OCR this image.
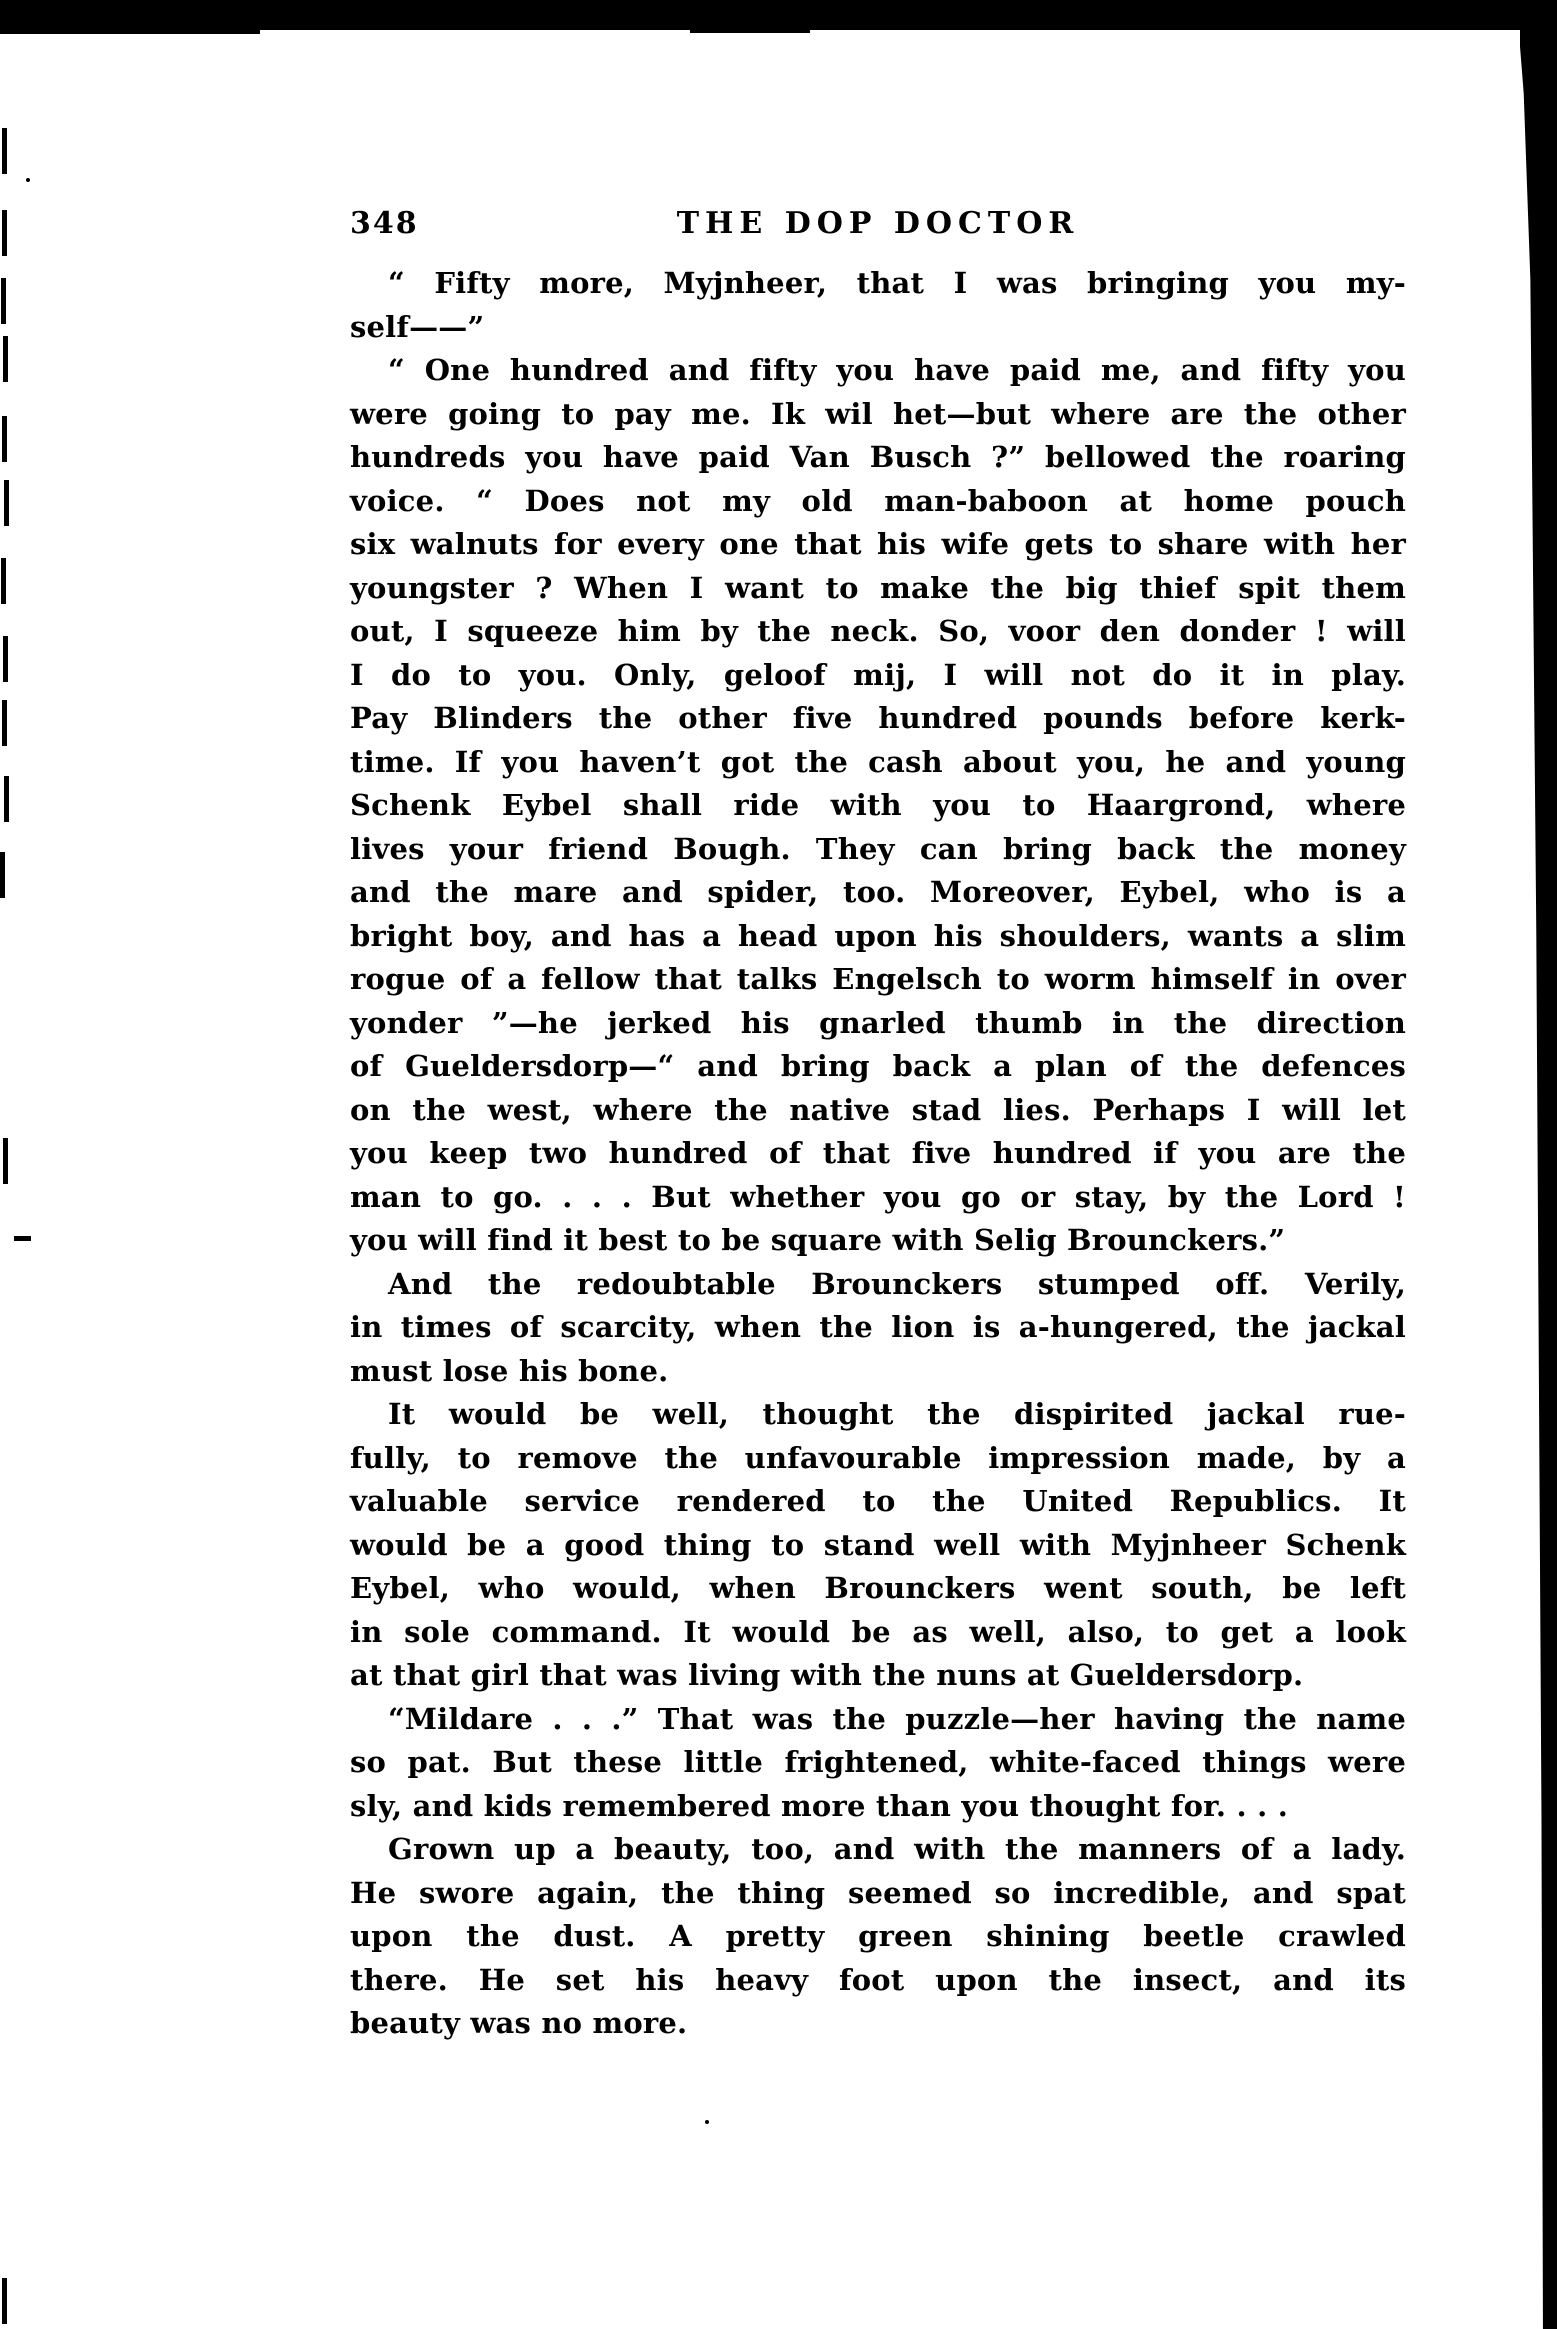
348	THE DOP DOCTOR
“ Fifty more, Myjnheer, that I was bringing you my-
self——”
“ One hundred and fifty you have paid me, and fifty you
were going to pay me. Ik wil het—but where are the other
hundreds you have paid Van Busch ?” bellowed the roaring
voice. “ Does not my old man-baboon at home pouch
six walnuts for every one that his wife gets to share with her
youngster ? When I want to make the big thief spit them
out, I squeeze him by the neck. So, voor den donder ! will
I do to you. Only, geloof mij, I will not do it in play.
Pay Blinders the other five hundred pounds before kerk-
time. If you haven’t got the cash about you, he and young
Schenk Eybel shall ride with you to Haargrond, where
lives your friend Bough. They can bring back the money
and the mare and spider, too. Moreover, Eybel, who is a
bright boy, and has a head upon his shoulders, wants a slim
rogue of a fellow that talks Engelsch to worm himself in over
yonder ”—he jerked his gnarled thumb in the direction
of Gueldersdorp—“ and bring back a plan of the defences
on the west, where the native stad lies. Perhaps I will let
you keep two hundred of that five hundred if you are the
man to go. . . . But whether you go or stay, by the Lord !
you will find it best to be square with Selig Brounckers.”
And the redoubtable Brounckers stumped off. Verily,
in times of scarcity, when the lion is a-hungered, the jackal
must lose his bone.
It would be well, thought the dispirited jackal rue-
fully, to remove the unfavourable impression made, by a
valuable service rendered to the United Republics. It
would be a good thing to stand well with Myjnheer Schenk
Eybel, who would, when Brounckers went south, be left
in sole command. It would be as well, also, to get a look
at that girl that was living with the nuns at Gueldersdorp.
“Mildare . . .” That was the puzzle—her having the name
so pat. But these little frightened, white-faced things were
sly, and kids remembered more than you thought for. . . .
Grown up a beauty, too, and with the manners of a lady.
He swore again, the thing seemed so incredible, and spat
upon the dust. A pretty green shining beetle crawled
there. He set his heavy foot upon the insect, and its
beauty was no more.
